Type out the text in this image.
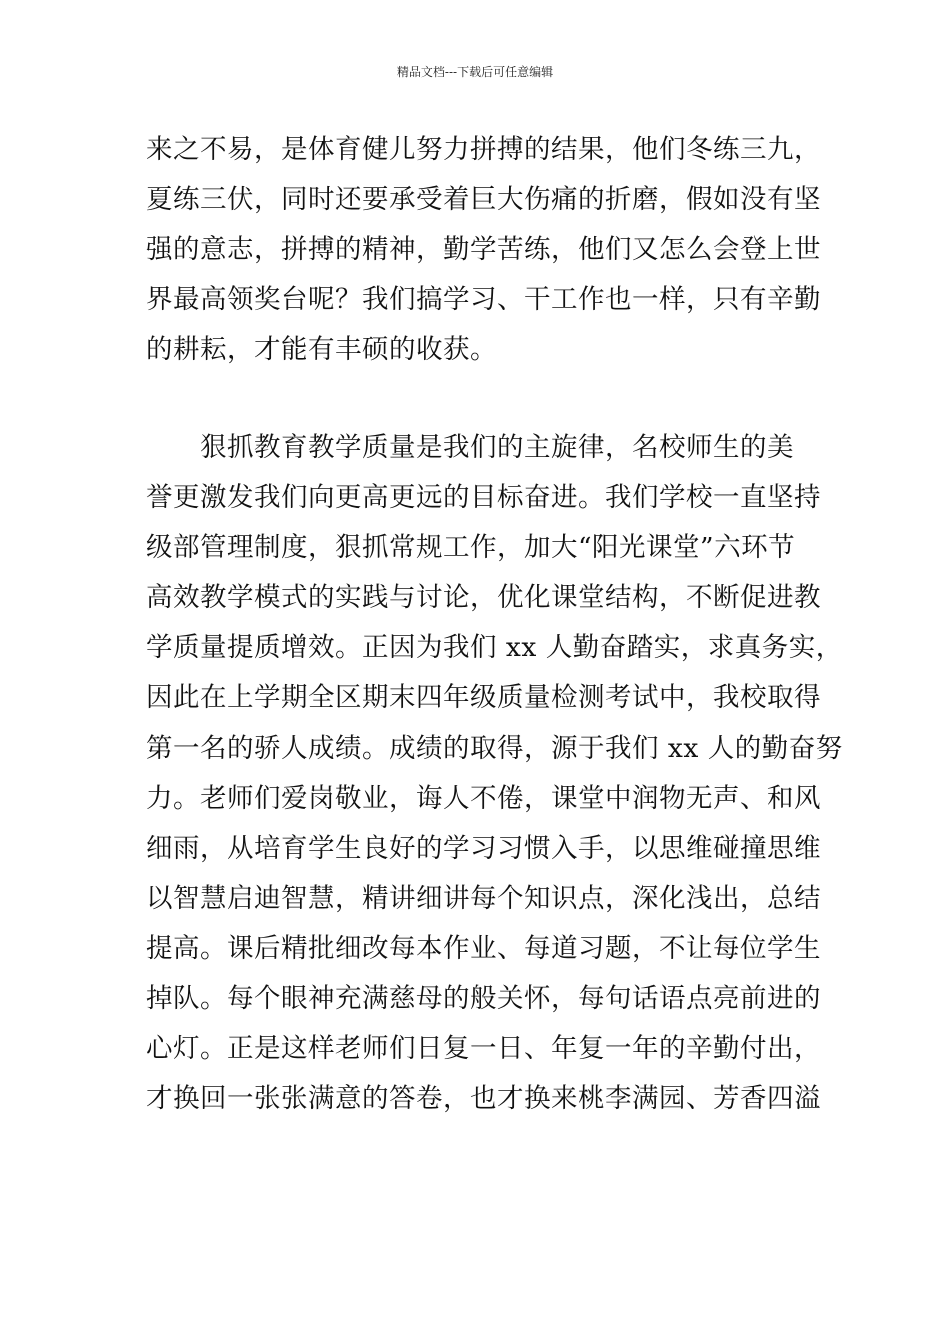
精品文档---下载后可任意编辑
来之不易，是体育健儿努力拼搏的结果，他们冬练三九，
夏练三伏，同时还要承受着巨大伤痛的折磨，假如没有坚
强的意志，拼搏的精神，勤学苦练，他们又怎么会登上世
界最高领奖台呢？我们搞学习、干工作也一样，只有辛勤
的耕耘，才能有丰硕的收获。
　　狠抓教育教学质量是我们的主旋律，名校师生的美
誉更激发我们向更高更远的目标奋进。我们学校一直坚持
级部管理制度，狠抓常规工作，加大“阳光课堂”六环节
高效教学模式的实践与讨论，优化课堂结构，不断促进教
学质量提质增效。正因为我们 xx 人勤奋踏实，求真务实，
因此在上学期全区期末四年级质量检测考试中，我校取得
第一名的骄人成绩。成绩的取得，源于我们 xx 人的勤奋努
力。老师们爱岗敬业，诲人不倦，课堂中润物无声、和风
细雨，从培育学生良好的学习习惯入手，以思维碰撞思维
以智慧启迪智慧，精讲细讲每个知识点，深化浅出，总结
提高。课后精批细改每本作业、每道习题，不让每位学生
掉队。每个眼神充满慈母的般关怀，每句话语点亮前进的
心灯。正是这样老师们日复一日、年复一年的辛勤付出，
才换回一张张满意的答卷，也才换来桃李满园、芳香四溢
